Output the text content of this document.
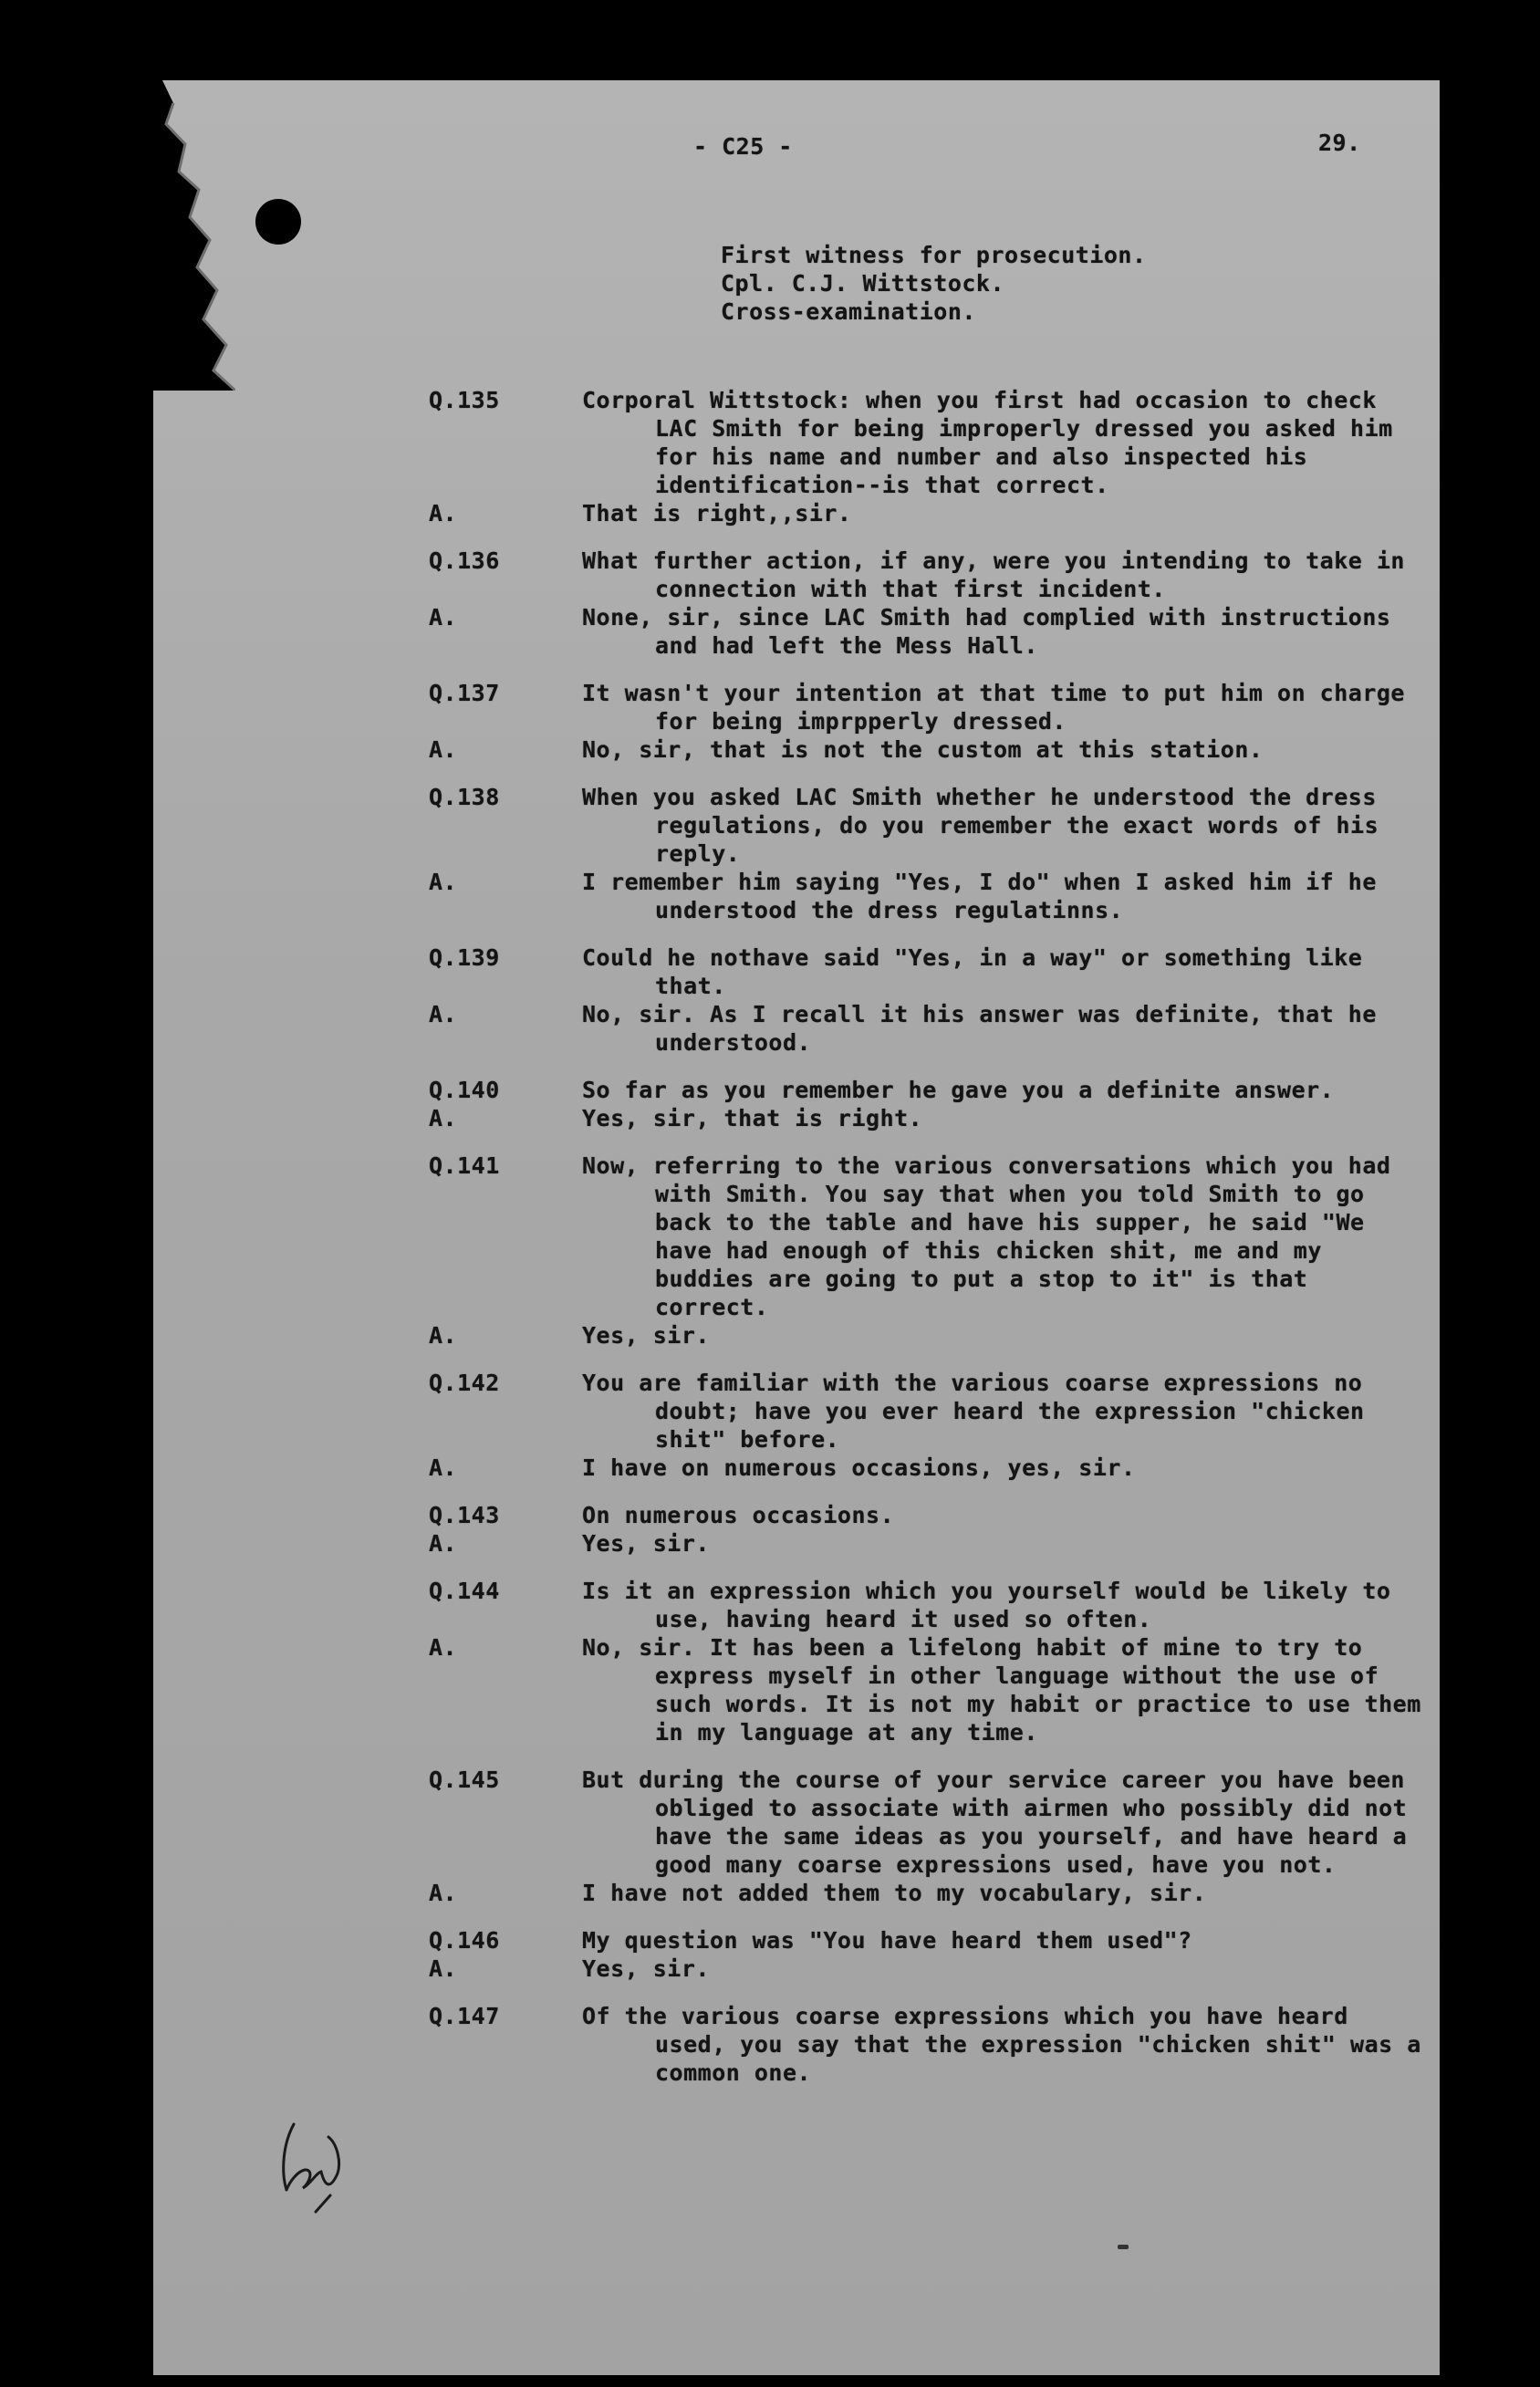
- C25 -	29.
First witness for prosecution.
Cpl. C.J. Wittstock.
Cross-examination.
Q.135	Corporal Wittstock: when you first had occasion to check LAC Smith for being improperly dressed you asked him for his name and number and also inspected his identification--is that correct.
A.	That is right,,sir.
Q.136	What further action, if any, were you intending to take in connection with that first incident.
A.	None, sir, since LAC Smith had complied with instructions and had left the Mess Hall.
Q.137	It wasn't your intention at that time to put him on charge for being imprpperly dressed.
A.	No, sir, that is not the custom at this station.
Q.138	When you asked LAC Smith whether he understood the dress regulations, do you remember the exact words of his reply.
A.	I remember him saying "Yes, I do" when I asked him if he understood the dress regulatinns.
Q.139	Could he nothave said "Yes, in a way" or something like that.
A.	No, sir. As I recall it his answer was definite, that he understood.
Q.140	So far as you remember he gave you a definite answer.
A.	Yes, sir, that is right.
Q.141	Now, referring to the various conversations which you had with Smith. You say that when you told Smith to go back to the table and have his supper, he said "We have had enough of this chicken shit, me and my buddies are going to put a stop to it" is that correct.
A.	Yes, sir.
Q.142	You are familiar with the various coarse expressions no doubt; have you ever heard the expression "chicken shit" before.
A.	I have on numerous occasions, yes, sir.
Q.143	On numerous occasions.
A.	Yes, sir.
Q.144	Is it an expression which you yourself would be likely to use, having heard it used so often.
A.	No, sir. It has been a lifelong habit of mine to try to express myself in other language without the use of such words. It is not my habit or practice to use them in my language at any time.
Q.145	But during the course of your service career you have been obliged to associate with airmen who possibly did not have the same ideas as you yourself, and have heard a good many coarse expressions used, have you not.
A.	I have not added them to my vocabulary, sir.
Q.146	My question was "You have heard them used"?
A.	Yes, sir.
Q.147	Of the various coarse expressions which you have heard used, you say that the expression "chicken shit" was a common one.
